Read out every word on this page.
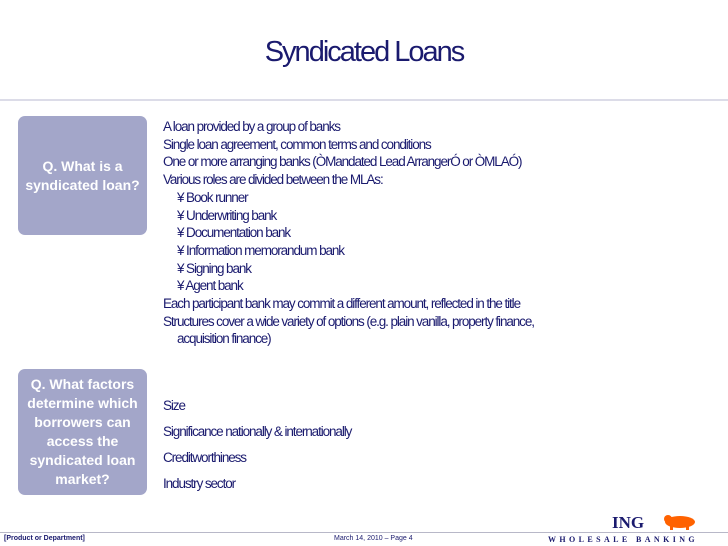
Syndicated Loans
Q. What is a syndicated loan?
A loan provided by a group of banks
Single loan agreement, common terms and conditions
One or more arranging banks (ÒMandated Lead ArrangerÓ or ÒMLAÓ)
Various roles are divided between the MLAs:
¥ Book runner
¥ Underwriting bank
¥ Documentation bank
¥ Information memorandum bank
¥ Signing bank
¥ Agent bank
Each participant bank may commit a different amount, reflected in the title
Structures cover a wide variety of options (e.g. plain vanilla, property finance,
acquisition finance)
Q. What factors determine which borrowers can access the syndicated loan market?
Size
Significance nationally & internationally
Creditworthiness
Industry sector
[Product or Department]	March 14, 2010 – Page 4
ING
WHOLESALE BANKING
